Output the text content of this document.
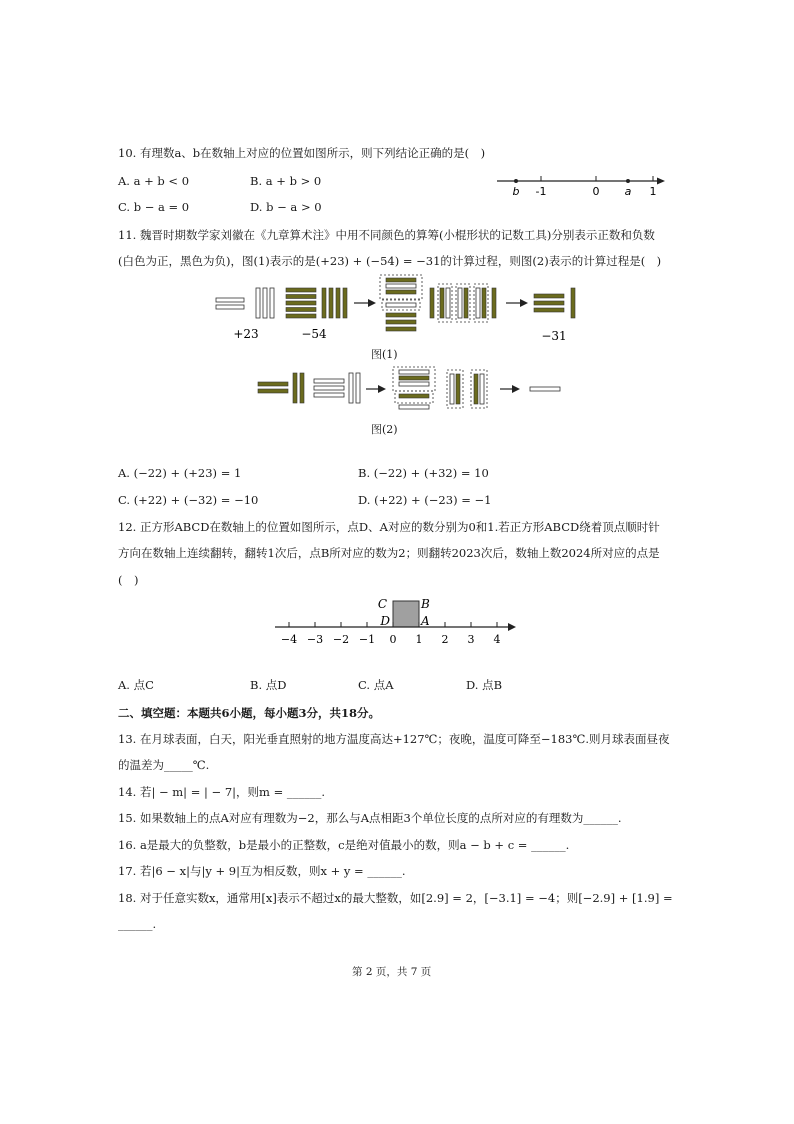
10. 有理数a、b在数轴上对应的位置如图所示，则下列结论正确的是(　)
A. a + b < 0	B. a + b > 0
C. b − a = 0	D. b − a > 0
b -1	0 a 1
11. 魏晋时期数学家刘徽在《九章算术注》中用不同颜色的算筹(小棍形状的记数工具)分别表示正数和负数
(白色为正，黑色为负)，图(1)表示的是(+23) + (−54) = −31的计算过程，则图(2)表示的计算过程是(　)
+23	−54	−31
图(1)
图(2)
A. (−22) + (+23) = 1	B. (−22) + (+32) = 10
C. (+22) + (−32) = −10	D. (+22) + (−23) = −1
12. 正方形ABCD在数轴上的位置如图所示，点D、A对应的数分别为0和1.若正方形ABCD绕着顶点顺时针
方向在数轴上连续翻转，翻转1次后，点B所对应的数为2；则翻转2023次后，数轴上数2024所对应的点是
(　)
−4 −3 −2 −1 0 1 2 3 4
C	B
D	A
A. 点C	B. 点D	C. 点A	D. 点B
二、填空题：本题共6小题，每小题3分，共18分。
13. 在月球表面，白天，阳光垂直照射的地方温度高达+127℃；夜晚，温度可降至−183℃.则月球表面昼夜
的温差为_____℃.
14. 若| − m| = | − 7|，则m = ______.
15. 如果数轴上的点A对应有理数为−2，那么与A点相距3个单位长度的点所对应的有理数为______.
16. a是最大的负整数，b是最小的正整数，c是绝对值最小的数，则a − b + c = ______.
17. 若|6 − x|与|y + 9|互为相反数，则x + y = ______.
18. 对于任意实数x，通常用[x]表示不超过x的最大整数，如[2.9] = 2，[−3.1] = −4；则[−2.9] + [1.9] =
______.
第 2 页，共 7 页
